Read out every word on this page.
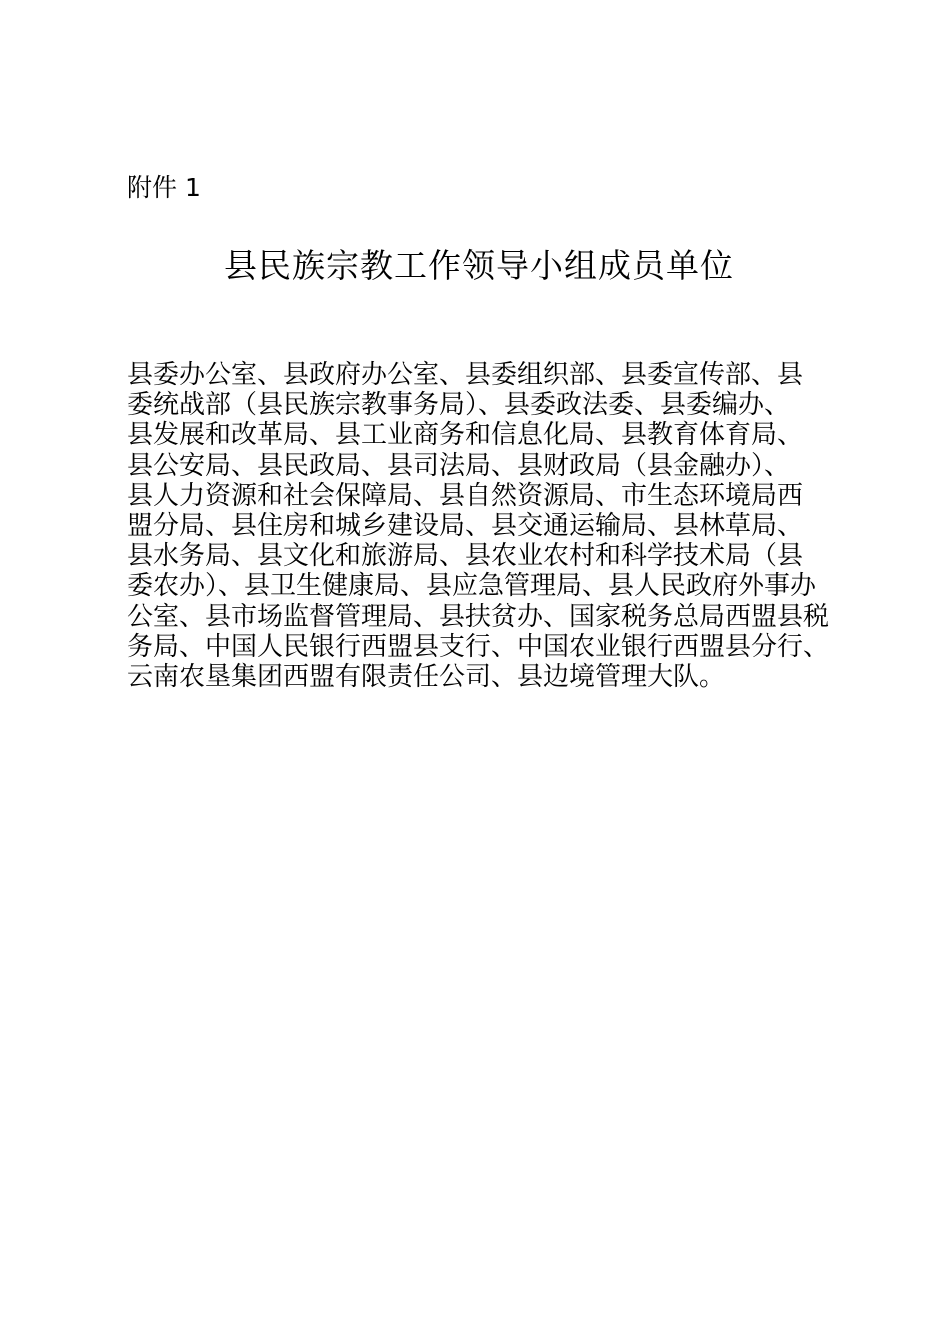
附件 1
县民族宗教工作领导小组成员单位
县委办公室、县政府办公室、县委组织部、县委宣传部、县
委统战部（县民族宗教事务局）、县委政法委、县委编办、
县发展和改革局、县工业商务和信息化局、县教育体育局、
县公安局、县民政局、县司法局、县财政局（县金融办）、
县人力资源和社会保障局、县自然资源局、市生态环境局西
盟分局、县住房和城乡建设局、县交通运输局、县林草局、
县水务局、县文化和旅游局、县农业农村和科学技术局（县
委农办）、县卫生健康局、县应急管理局、县人民政府外事办
公室、县市场监督管理局、县扶贫办、国家税务总局西盟县税
务局、中国人民银行西盟县支行、中国农业银行西盟县分行、
云南农垦集团西盟有限责任公司、县边境管理大队。
